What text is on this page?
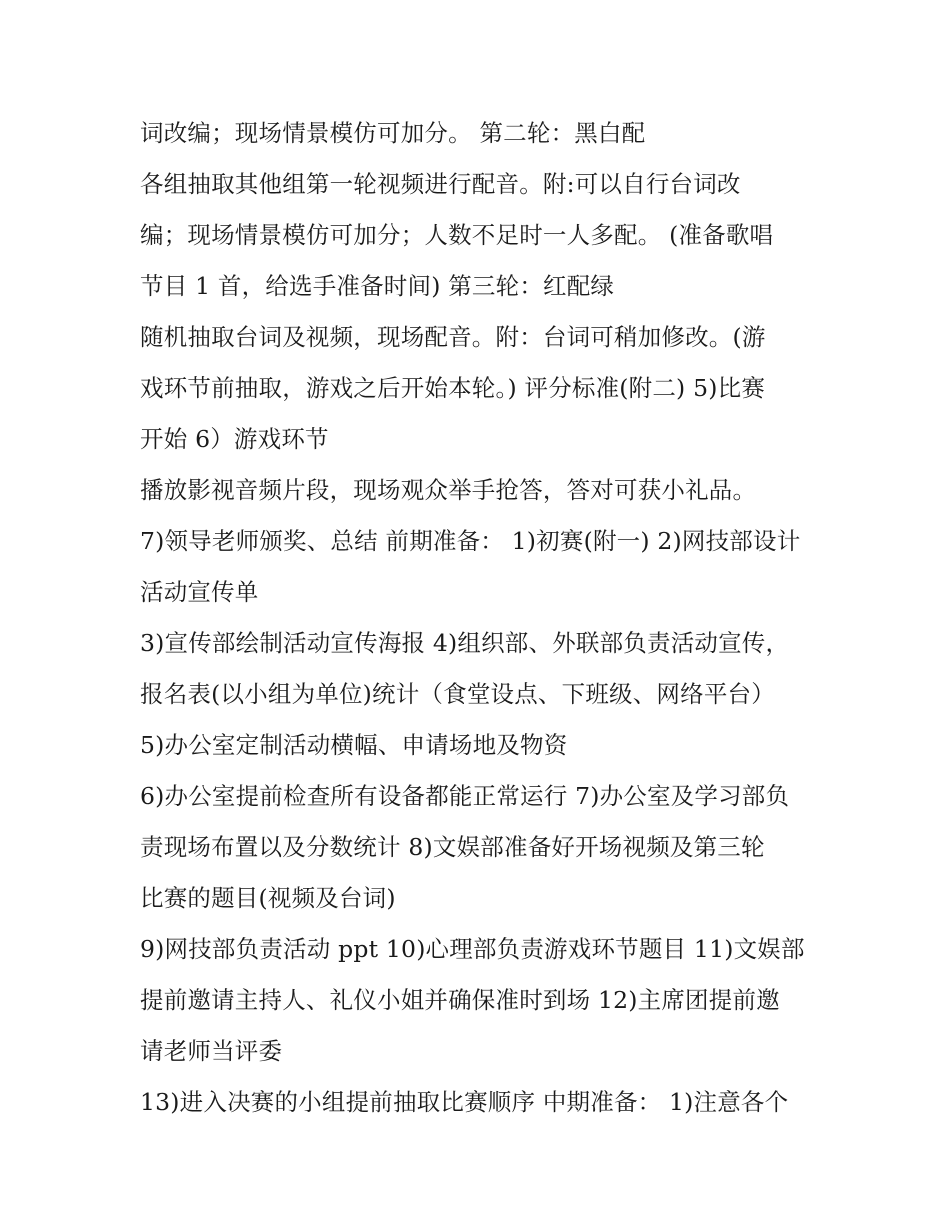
词改编；现场情景模仿可加分。 第二轮：黑白配
各组抽取其他组第一轮视频进行配音。附:可以自行台词改
编；现场情景模仿可加分；人数不足时一人多配。 (准备歌唱
节目 1 首，给选手准备时间) 第三轮：红配绿
随机抽取台词及视频，现场配音。附：台词可稍加修改。(游
戏环节前抽取，游戏之后开始本轮。) 评分标准(附二) 5)比赛
开始 6）游戏环节
播放影视音频片段，现场观众举手抢答，答对可获小礼品。
7)领导老师颁奖、总结 前期准备： 1)初赛(附一) 2)网技部设计
活动宣传单
3)宣传部绘制活动宣传海报 4)组织部、外联部负责活动宣传，
报名表(以小组为单位)统计（食堂设点、下班级、网络平台）
5)办公室定制活动横幅、申请场地及物资
6)办公室提前检查所有设备都能正常运行 7)办公室及学习部负
责现场布置以及分数统计 8)文娱部准备好开场视频及第三轮
比赛的题目(视频及台词)
9)网技部负责活动 ppt 10)心理部负责游戏环节题目 11)文娱部
提前邀请主持人、礼仪小姐并确保准时到场 12)主席团提前邀
请老师当评委
13)进入决赛的小组提前抽取比赛顺序 中期准备： 1)注意各个
